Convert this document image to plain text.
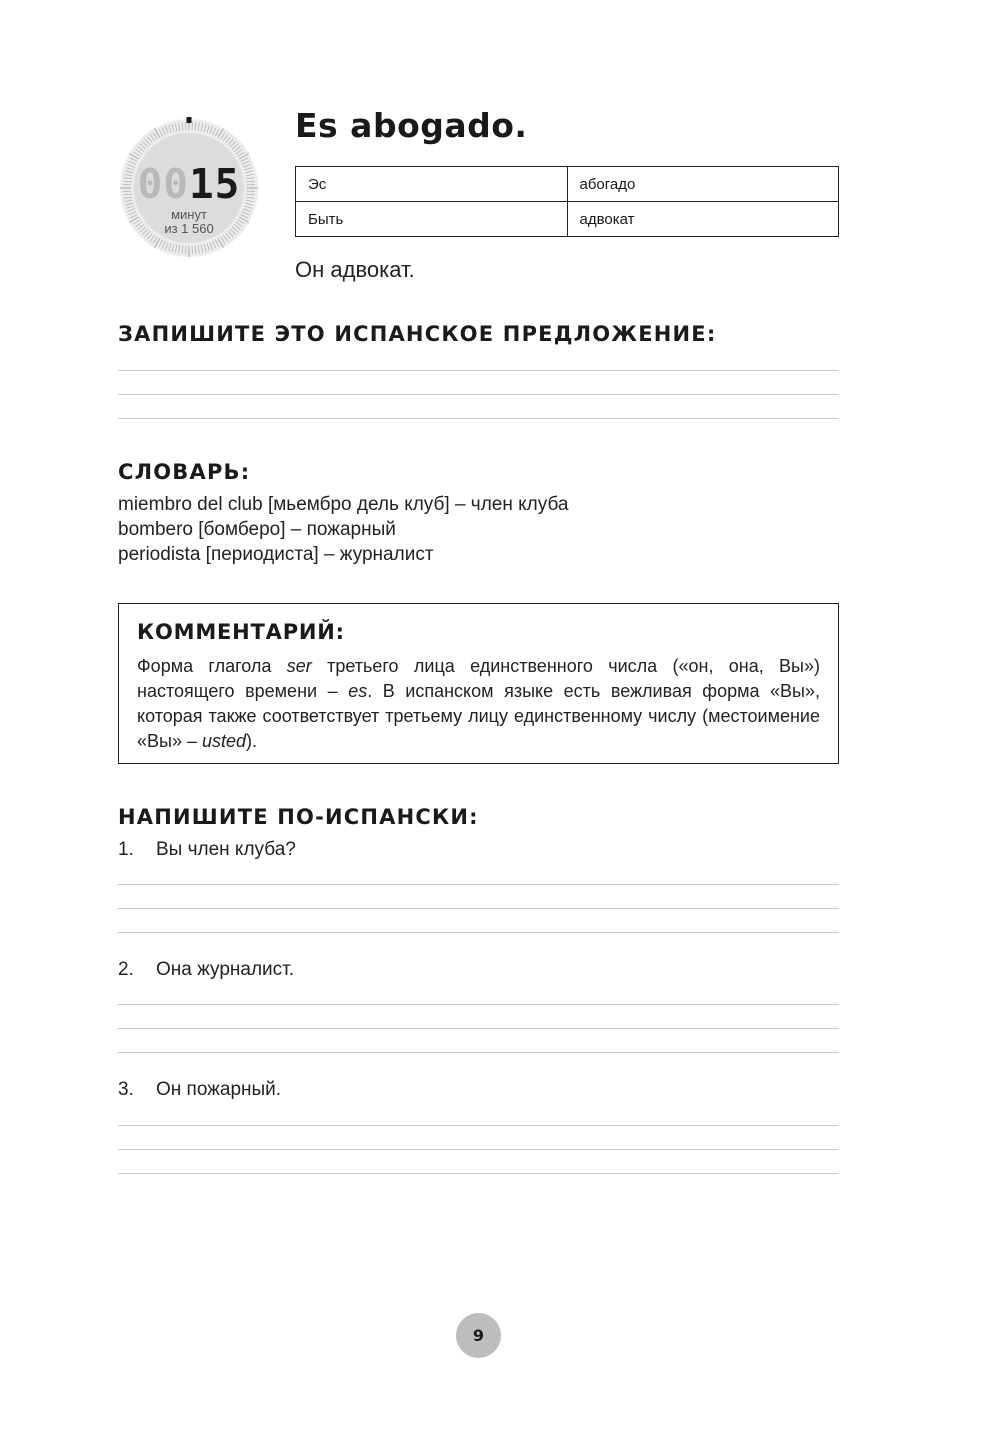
0015
минут
из 1 560
Es abogado.
Эс	абогадо
Быть	адвокат
Он адвокат.
ЗАПИШИТЕ ЭТО ИСПАНСКОЕ ПРЕДЛОЖЕНИЕ:
СЛОВАРЬ:
miembro del club [мьембро дель клуб] – член клуба
bombero [бомберо] – пожарный
periodista [периодиста] – журналист
КОММЕНТАРИЙ:
Форма глагола ser третьего лица единственного числа («он, она, Вы») настоящего времени – es. В испанском языке есть вежливая форма «Вы», которая также соответствует третьему лицу единственному числу (местоимение «Вы» – usted).
НАПИШИТЕ ПО-ИСПАНСКИ:
1. Вы член клуба?
2. Она журналист.
3. Он пожарный.
9
